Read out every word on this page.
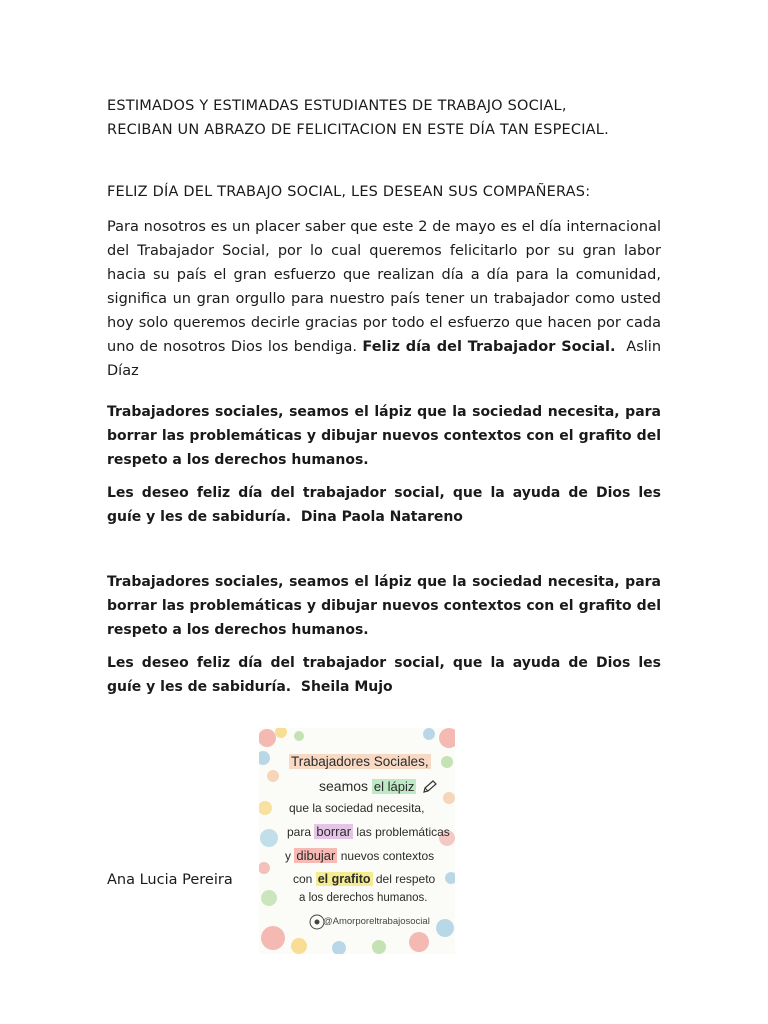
ESTIMADOS Y ESTIMADAS ESTUDIANTES DE TRABAJO SOCIAL,
RECIBAN UN ABRAZO DE FELICITACION EN ESTE DÍA TAN ESPECIAL.
FELIZ DÍA DEL TRABAJO SOCIAL, LES DESEAN SUS COMPAÑERAS:
Para nosotros es un placer saber que este 2 de mayo es el día internacional del Trabajador Social, por lo cual queremos felicitarlo por su gran labor hacia su país el gran esfuerzo que realizan día a día para la comunidad, significa un gran orgullo para nuestro país tener un trabajador como usted hoy solo queremos decirle gracias por todo el esfuerzo que hacen por cada uno de nosotros Dios los bendiga. Feliz día del Trabajador Social. Aslin Díaz
Trabajadores sociales, seamos el lápiz que la sociedad necesita, para borrar las problemáticas y dibujar nuevos contextos con el grafito del respeto a los derechos humanos.
Les deseo feliz día del trabajador social, que la ayuda de Dios les guíe y les de sabiduría. Dina Paola Natareno
Trabajadores sociales, seamos el lápiz que la sociedad necesita, para borrar las problemáticas y dibujar nuevos contextos con el grafito del respeto a los derechos humanos.
Les deseo feliz día del trabajador social, que la ayuda de Dios les guíe y les de sabiduría. Sheila Mujo
Ana Lucia Pereira
Trabajadores Sociales,
seamos el lápiz
que la sociedad necesita,
para borrar las problemáticas
y dibujar nuevos contextos
con el grafito del respeto
a los derechos humanos.
@Amorporeltrabajosocial
